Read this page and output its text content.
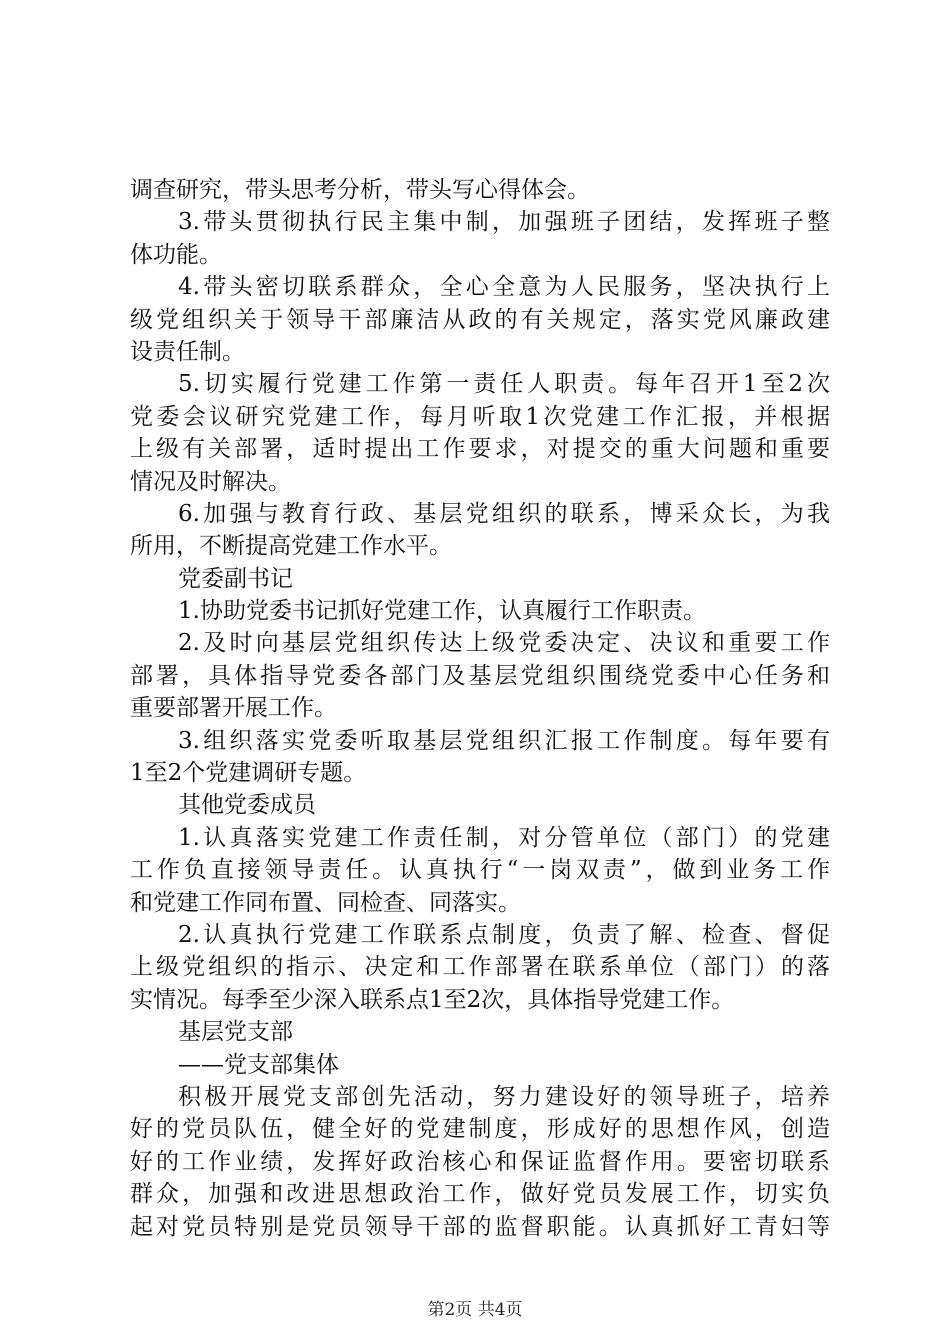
调查研究，带头思考分析，带头写心得体会。
3.带头贯彻执行民主集中制，加强班子团结，发挥班子整
体功能。
4.带头密切联系群众，全心全意为人民服务，坚决执行上
级党组织关于领导干部廉洁从政的有关规定，落实党风廉政建
设责任制。
5.切实履行党建工作第一责任人职责。每年召开1至2次
党委会议研究党建工作，每月听取1次党建工作汇报，并根据
上级有关部署，适时提出工作要求，对提交的重大问题和重要
情况及时解决。
6.加强与教育行政、基层党组织的联系，博采众长，为我
所用，不断提高党建工作水平。
党委副书记
1.协助党委书记抓好党建工作，认真履行工作职责。
2.及时向基层党组织传达上级党委决定、决议和重要工作
部署，具体指导党委各部门及基层党组织围绕党委中心任务和
重要部署开展工作。
3.组织落实党委听取基层党组织汇报工作制度。每年要有
1至2个党建调研专题。
其他党委成员
1.认真落实党建工作责任制，对分管单位（部门）的党建
工作负直接领导责任。认真执行“一岗双责”，做到业务工作
和党建工作同布置、同检查、同落实。
2.认真执行党建工作联系点制度，负责了解、检查、督促
上级党组织的指示、决定和工作部署在联系单位（部门）的落
实情况。每季至少深入联系点1至2次，具体指导党建工作。
基层党支部
——党支部集体
积极开展党支部创先活动，努力建设好的领导班子，培养
好的党员队伍，健全好的党建制度，形成好的思想作风，创造
好的工作业绩，发挥好政治核心和保证监督作用。要密切联系
群众，加强和改进思想政治工作，做好党员发展工作，切实负
起对党员特别是党员领导干部的监督职能。认真抓好工青妇等
第2页 共4页
